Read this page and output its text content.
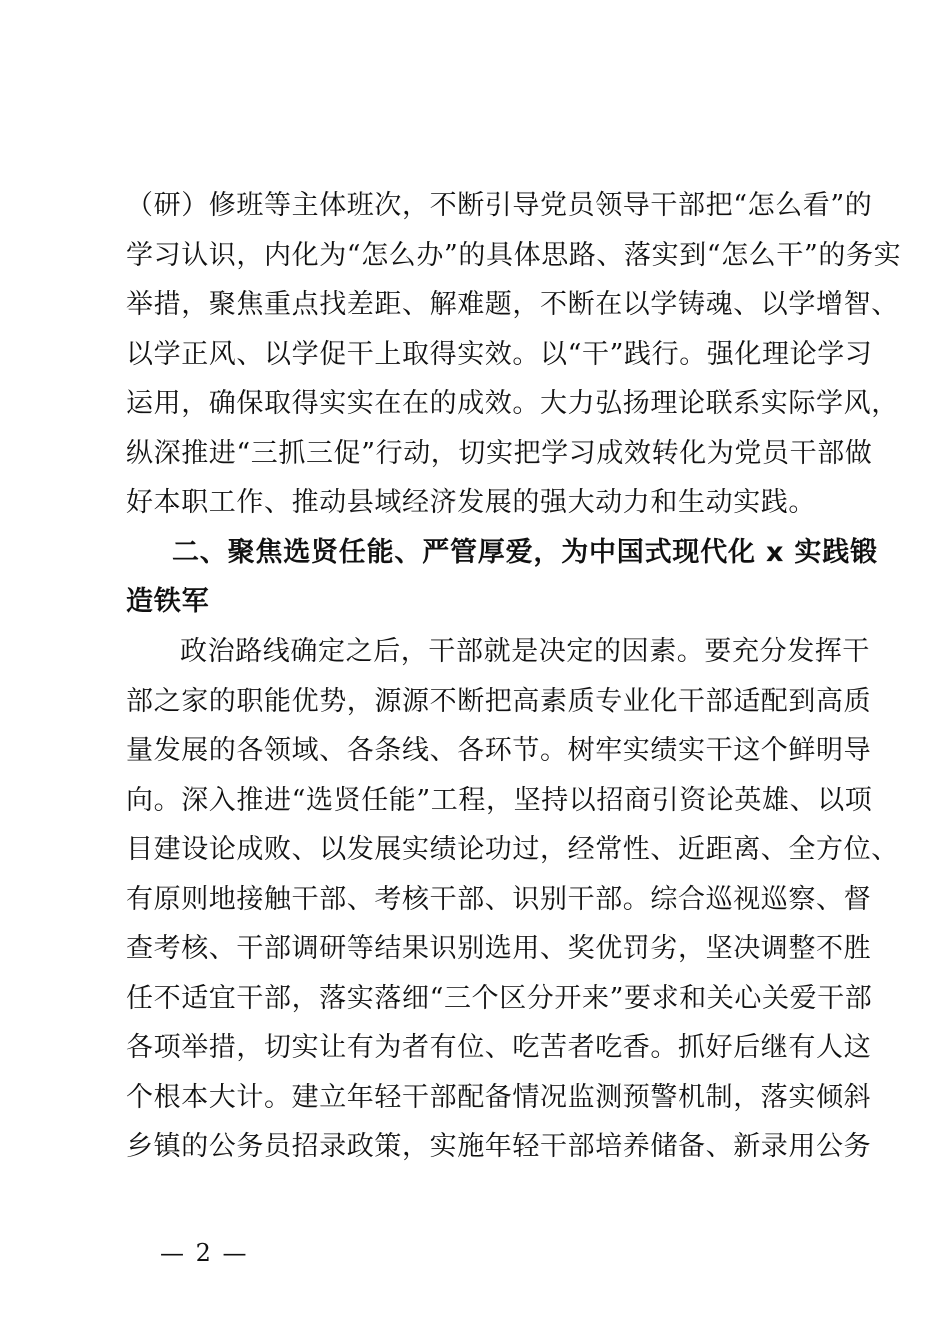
（研）修班等主体班次，不断引导党员领导干部把“怎么看”的
学习认识，内化为“怎么办”的具体思路、落实到“怎么干”的务实
举措，聚焦重点找差距、解难题，不断在以学铸魂、以学增智、
以学正风、以学促干上取得实效。以“干”践行。强化理论学习
运用，确保取得实实在在的成效。大力弘扬理论联系实际学风，
纵深推进“三抓三促”行动，切实把学习成效转化为党员干部做
好本职工作、推动县域经济发展的强大动力和生动实践。
二、聚焦选贤任能、严管厚爱，为中国式现代化 x 实践锻
造铁军
政治路线确定之后，干部就是决定的因素。要充分发挥干
部之家的职能优势，源源不断把高素质专业化干部适配到高质
量发展的各领域、各条线、各环节。树牢实绩实干这个鲜明导
向。深入推进“选贤任能”工程，坚持以招商引资论英雄、以项
目建设论成败、以发展实绩论功过，经常性、近距离、全方位、
有原则地接触干部、考核干部、识别干部。综合巡视巡察、督
查考核、干部调研等结果识别选用、奖优罚劣，坚决调整不胜
任不适宜干部，落实落细“三个区分开来”要求和关心关爱干部
各项举措，切实让有为者有位、吃苦者吃香。抓好后继有人这
个根本大计。建立年轻干部配备情况监测预警机制，落实倾斜
乡镇的公务员招录政策，实施年轻干部培养储备、新录用公务
— 2 —
